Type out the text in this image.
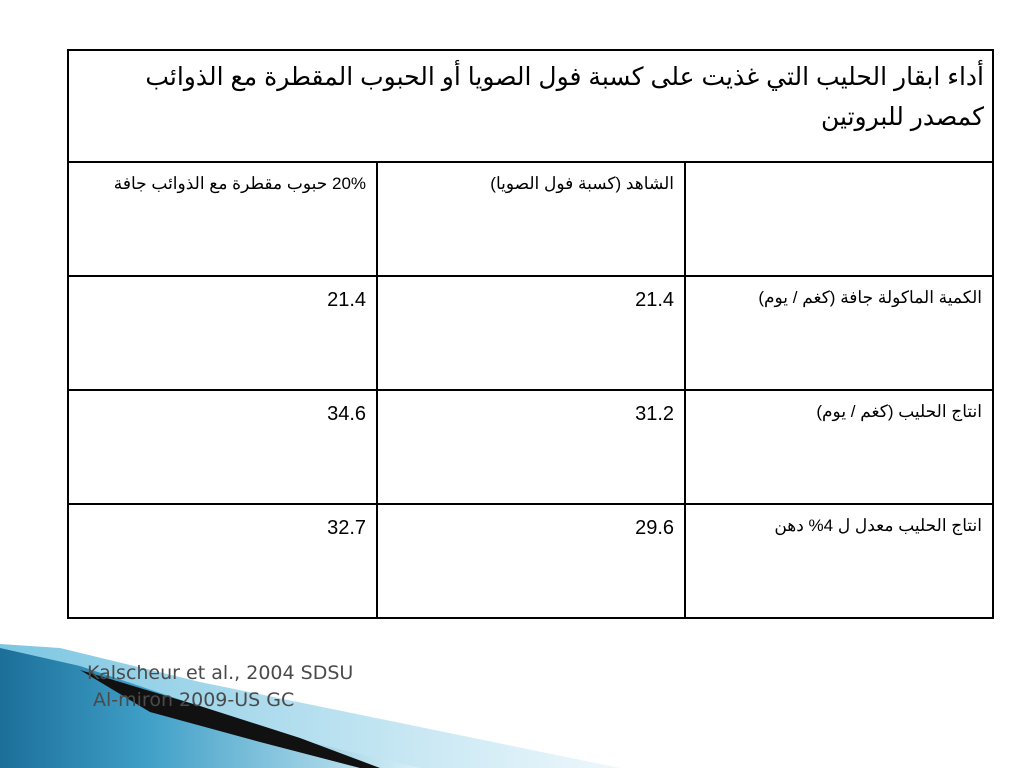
أداء ابقار الحليب التي غذيت على كسبة فول الصويا أو الحبوب المقطرة مع الذوائب كمصدر للبروتين		
	الشاهد (كسبة فول الصويا)	20% حبوب مقطرة مع الذوائب جافة
الكمية الماكولة جافة (كغم / يوم)	21.4	21.4

انتاج الحليب (كغم / يوم)	31.2	34.6

انتاج الحليب معدل ل 4% دهن	29.6	32.7
Kalscheur et al., 2004 SDSU
Al-miron 2009-US GC
